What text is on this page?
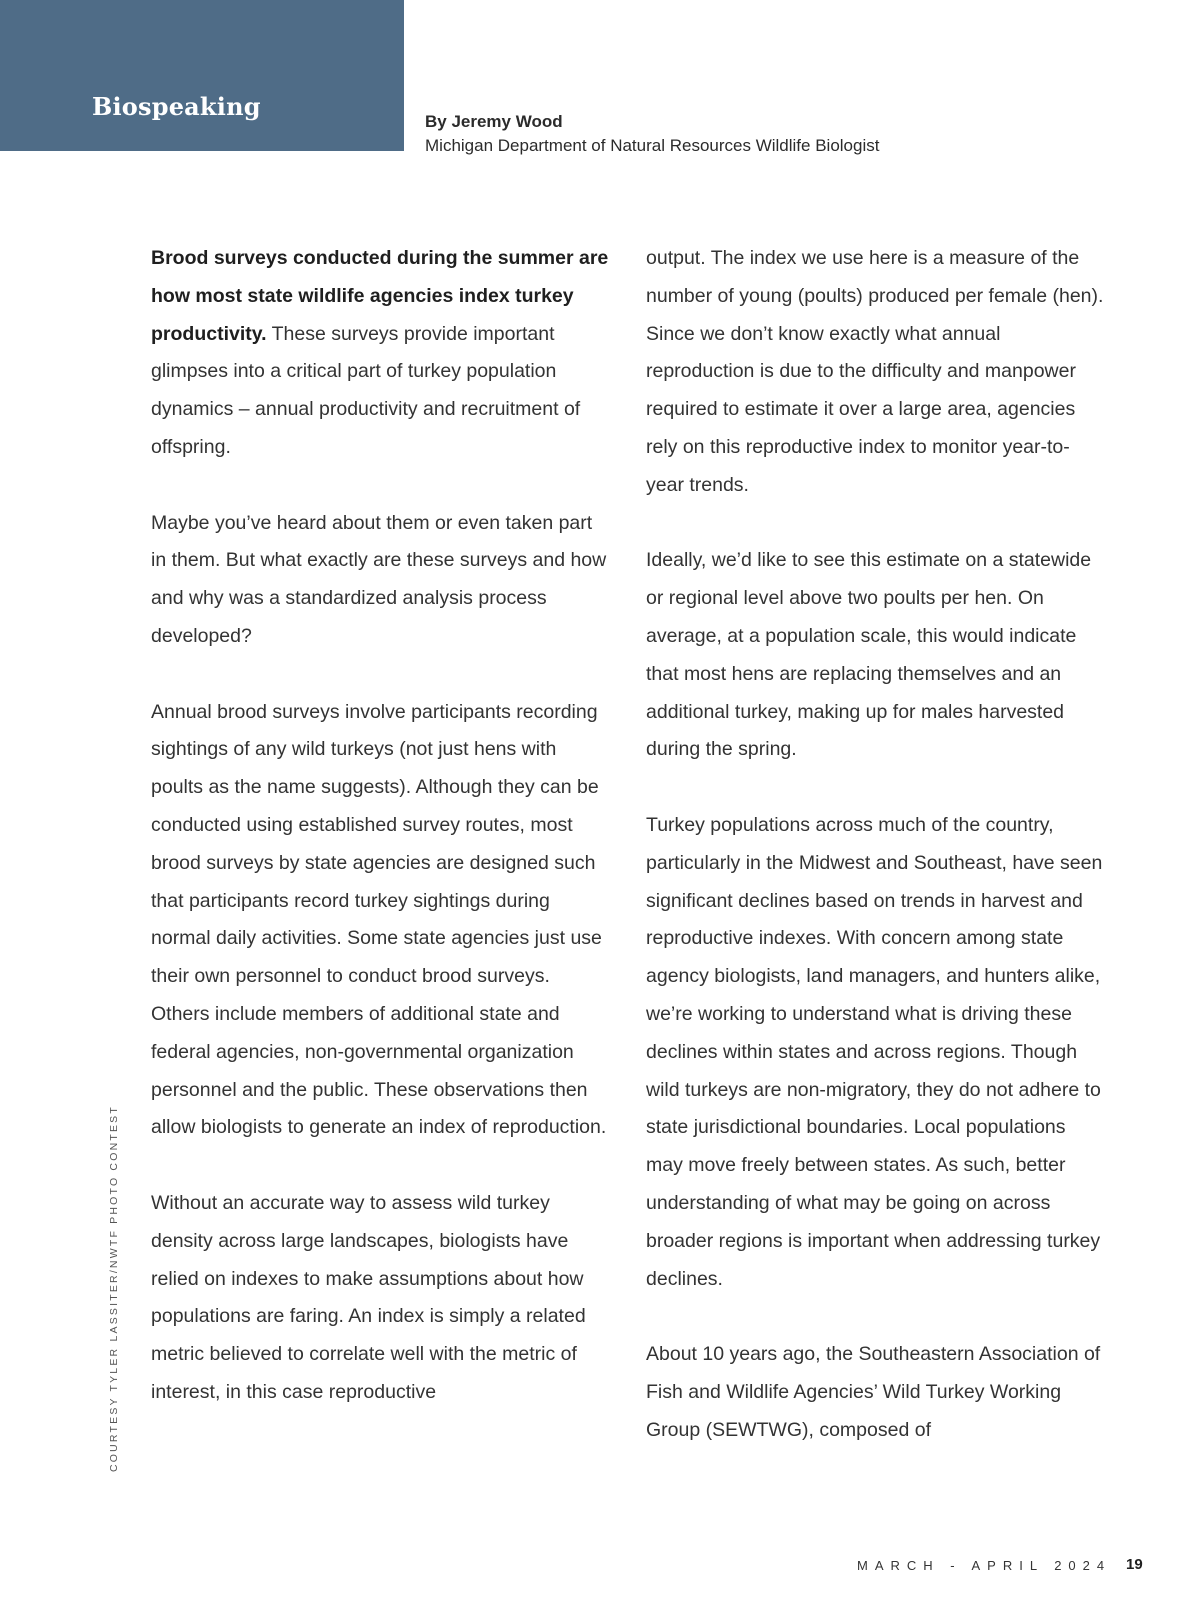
Biospeaking
By Jeremy Wood
Michigan Department of Natural Resources Wildlife Biologist

Brood surveys conducted during the summer are how most state wildlife agencies index turkey productivity. These surveys provide important glimpses into a critical part of turkey population dynamics – annual productivity and recruitment of offspring.

Maybe you’ve heard about them or even taken part in them. But what exactly are these surveys and how and why was a standardized analysis process developed?

Annual brood surveys involve participants recording sightings of any wild turkeys (not just hens with poults as the name suggests). Although they can be conducted using established survey routes, most brood surveys by state agencies are designed such that participants record turkey sightings during normal daily activities. Some state agencies just use their own personnel to conduct brood surveys. Others include members of additional state and federal agencies, non-governmental organization personnel and the public. These observations then allow biologists to generate an index of reproduction.

Without an accurate way to assess wild turkey density across large landscapes, biologists have relied on indexes to make assumptions about how populations are faring. An index is simply a related metric believed to correlate well with the metric of interest, in this case reproductive

output. The index we use here is a measure of the number of young (poults) produced per female (hen). Since we don’t know exactly what annual reproduction is due to the difficulty and manpower required to estimate it over a large area, agencies rely on this reproductive index to monitor year-to-year trends.

Ideally, we’d like to see this estimate on a statewide or regional level above two poults per hen. On average, at a population scale, this would indicate that most hens are replacing themselves and an additional turkey, making up for males harvested during the spring.

Turkey populations across much of the country, particularly in the Midwest and Southeast, have seen significant declines based on trends in harvest and reproductive indexes. With concern among state agency biologists, land managers, and hunters alike, we’re working to understand what is driving these declines within states and across regions. Though wild turkeys are non-migratory, they do not adhere to state jurisdictional boundaries. Local populations may move freely between states. As such, better understanding of what may be going on across broader regions is important when addressing turkey declines.

About 10 years ago, the Southeastern Association of Fish and Wildlife Agencies’ Wild Turkey Working Group (SEWTWG), composed of

COURTESY TYLER LASSITER/NWTF PHOTO CONTEST
MARCH - APRIL 2024 19
